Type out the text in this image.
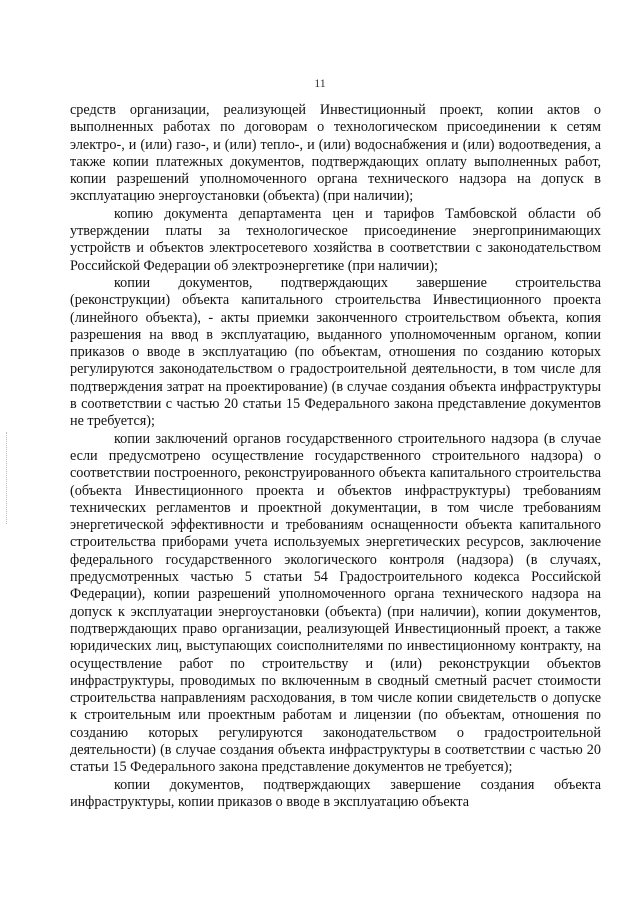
11

средств организации, реализующей Инвестиционный проект, копии актов о выполненных работах по договорам о технологическом присоединении к сетям электро-, и (или) газо-, и (или) тепло-, и (или) водоснабжения и (или) водоотведения, а также копии платежных документов, подтверждающих оплату выполненных работ, копии разрешений уполномоченного органа технического надзора на допуск в эксплуатацию энергоустановки (объекта) (при наличии);

копию документа департамента цен и тарифов Тамбовской области об утверждении платы за технологическое присоединение энергопринимающих устройств и объектов электросетевого хозяйства в соответствии с законодательством Российской Федерации об электроэнергетике (при наличии);

копии документов, подтверждающих завершение строительства (реконструкции) объекта капитального строительства Инвестиционного проекта (линейного объекта), - акты приемки законченного строительством объекта, копия разрешения на ввод в эксплуатацию, выданного уполномоченным органом, копии приказов о вводе в эксплуатацию (по объектам, отношения по созданию которых регулируются законодательством о градостроительной деятельности, в том числе для подтверждения затрат на проектирование) (в случае создания объекта инфраструктуры в соответствии с частью 20 статьи 15 Федерального закона представление документов не требуется);

копии заключений органов государственного строительного надзора (в случае если предусмотрено осуществление государственного строительного надзора) о соответствии построенного, реконструированного объекта капитального строительства (объекта Инвестиционного проекта и объектов инфраструктуры) требованиям технических регламентов и проектной документации, в том числе требованиям энергетической эффективности и требованиям оснащенности объекта капитального строительства приборами учета используемых энергетических ресурсов, заключение федерального государственного экологического контроля (надзора) (в случаях, предусмотренных частью 5 статьи 54 Градостроительного кодекса Российской Федерации), копии разрешений уполномоченного органа технического надзора на допуск к эксплуатации энергоустановки (объекта) (при наличии), копии документов, подтверждающих право организации, реализующей Инвестиционный проект, а также юридических лиц, выступающих соисполнителями по инвестиционному контракту, на осуществление работ по строительству и (или) реконструкции объектов инфраструктуры, проводимых по включенным в сводный сметный расчет стоимости строительства направлениям расходования, в том числе копии свидетельств о допуске к строительным или проектным работам и лицензии (по объектам, отношения по созданию которых регулируются законодательством о градостроительной деятельности) (в случае создания объекта инфраструктуры в соответствии с частью 20 статьи 15 Федерального закона представление документов не требуется);

копии документов, подтверждающих завершение создания объекта инфраструктуры, копии приказов о вводе в эксплуатацию объекта
